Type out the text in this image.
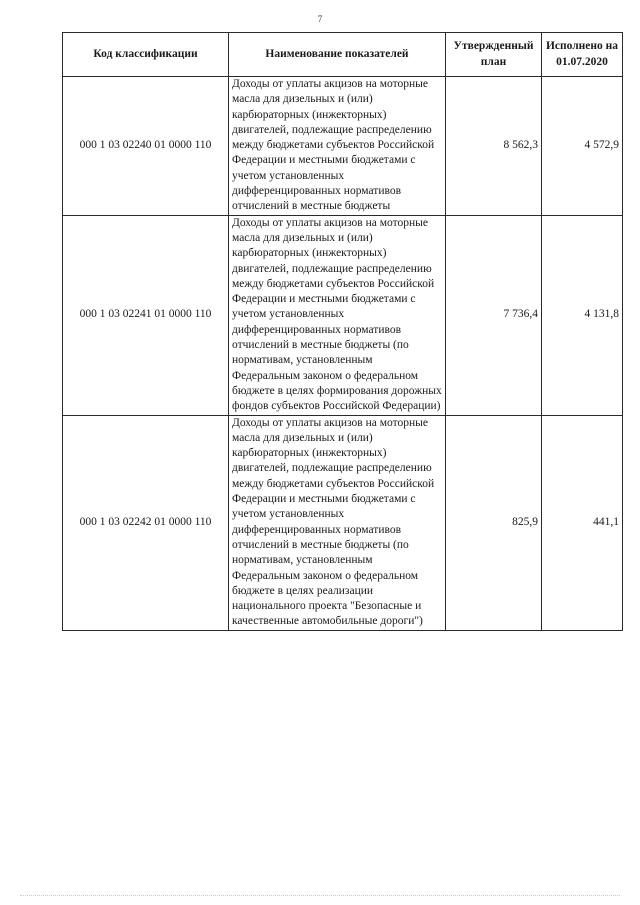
7
Код классификации	Наименование показателей	Утвержденный план	Исполнено на 01.07.2020
000 1 03 02240 01 0000 110	Доходы от уплаты акцизов на моторные масла для дизельных и (или) карбюраторных (инжекторных) двигателей, подлежащие распределению между бюджетами субъектов Российской Федерации и местными бюджетами с учетом установленных дифференцированных нормативов отчислений в местные бюджеты	8 562,3	4 572,9
000 1 03 02241 01 0000 110	Доходы от уплаты акцизов на моторные масла для дизельных и (или) карбюраторных (инжекторных) двигателей, подлежащие распределению между бюджетами субъектов Российской Федерации и местными бюджетами с учетом установленных дифференцированных нормативов отчислений в местные бюджеты (по нормативам, установленным Федеральным законом о федеральном бюджете в целях формирования дорожных фондов субъектов Российской Федерации)	7 736,4	4 131,8
000 1 03 02242 01 0000 110	Доходы от уплаты акцизов на моторные масла для дизельных и (или) карбюраторных (инжекторных) двигателей, подлежащие распределению между бюджетами субъектов Российской Федерации и местными бюджетами с учетом установленных дифференцированных нормативов отчислений в местные бюджеты (по нормативам, установленным Федеральным законом о федеральном бюджете в целях реализации национального проекта "Безопасные и качественные автомобильные дороги")	825,9	441,1
